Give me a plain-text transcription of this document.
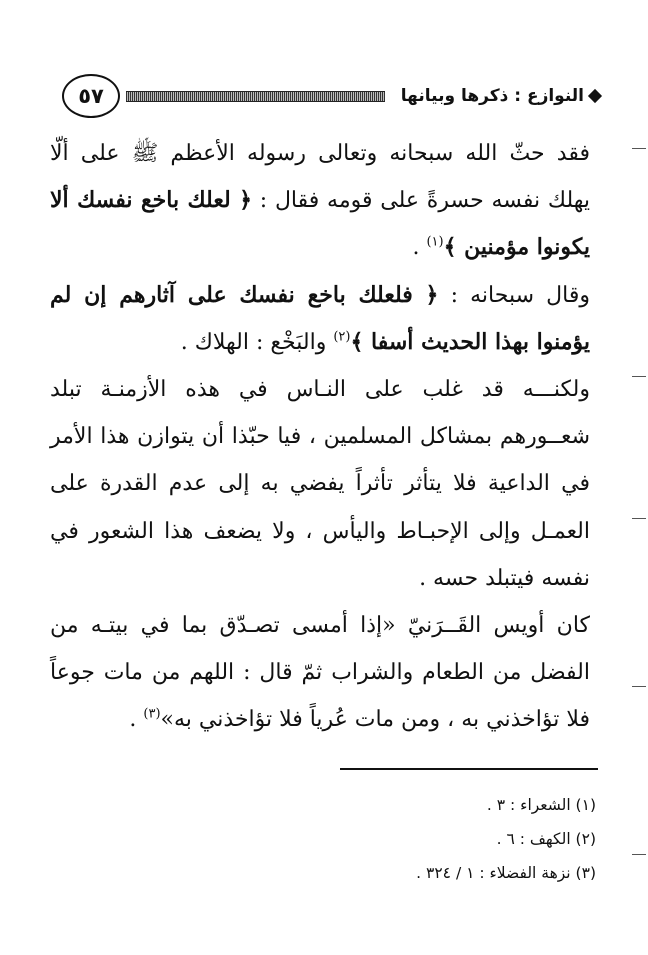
النوازع : ذكرها وبيانها
٥٧

فقد حثّ الله سبحانه وتعالى رسوله الأعظم ﷺ على ألّا يهلك نفسه حسرةً على قومه فقال : ﴿ لعلك باخع نفسك ألا يكونوا مؤمنين ﴾$^{(١)}$ .

وقال سبحانه : ﴿ فلعلك باخع نفسك على آثارهم إن لم يؤمنوا بهذا الحديث أسفا ﴾$^{(٢)}$ والبَخْع : الهلاك .

ولكنـــه قد غلب على النـاس في هذه الأزمنـة تبلد شعــورهم بمشاكل المسلمين ، فيا حبّذا أن يتوازن هذا الأمر في الداعية فلا يتأثر تأثراً يفضي به إلى عدم القدرة على العمـل وإلى الإحبـاط واليأس ، ولا يضعف هذا الشعور في نفسه فيتبلد حسه .

كان أويس القَــرَنيّ «إذا أمسى تصـدّق بما في بيتـه من الفضل من الطعام والشراب ثمّ قال : اللهم من مات جوعاً فلا تؤاخذني به ، ومن مات عُرياً فلا تؤاخذني به»$^{(٣)}$ .

(١) الشعراء : ٣ .

(٢) الكهف : ٦ .

(٣) نزهة الفضلاء : ١ / ٣٢٤ .
